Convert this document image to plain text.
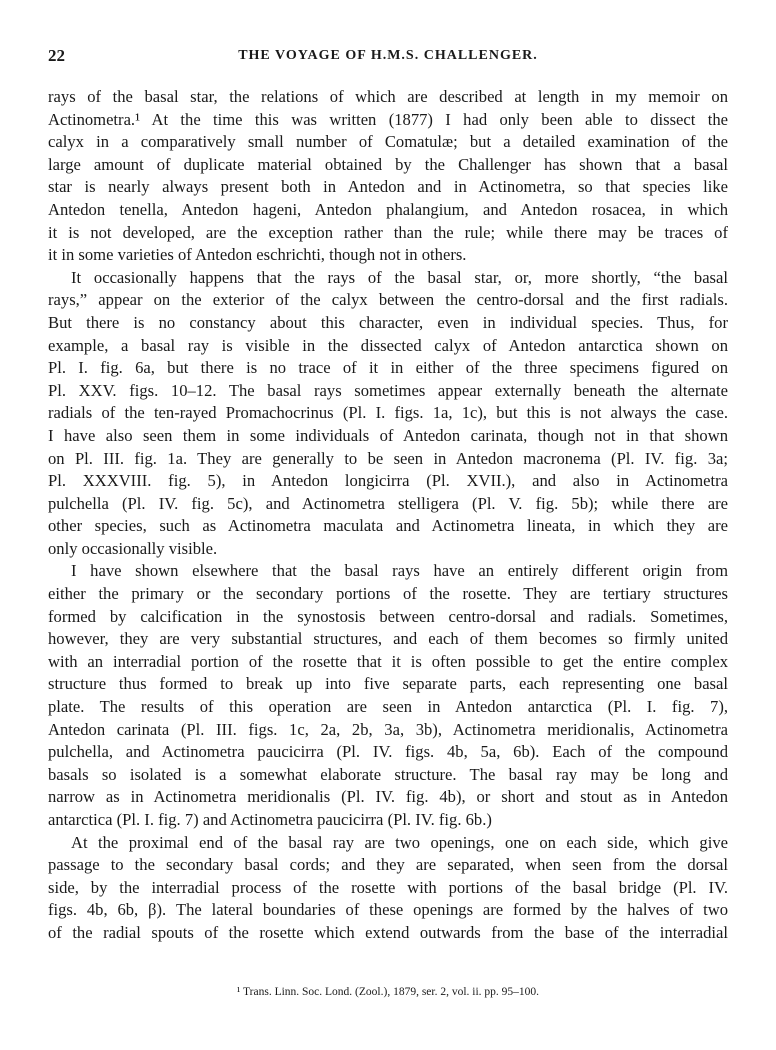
22	THE VOYAGE OF H.M.S. CHALLENGER.
rays of the basal star, the relations of which are described at length in my memoir on
Actinometra.¹ At the time this was written (1877) I had only been able to dissect the
calyx in a comparatively small number of Comatulæ; but a detailed examination of the
large amount of duplicate material obtained by the Challenger has shown that a basal
star is nearly always present both in Antedon and in Actinometra, so that species like
Antedon tenella, Antedon hageni, Antedon phalangium, and Antedon rosacea, in which
it is not developed, are the exception rather than the rule; while there may be traces of
it in some varieties of Antedon eschrichti, though not in others.
It occasionally happens that the rays of the basal star, or, more shortly, “the basal
rays,” appear on the exterior of the calyx between the centro-dorsal and the first radials.
But there is no constancy about this character, even in individual species. Thus, for
example, a basal ray is visible in the dissected calyx of Antedon antarctica shown on
Pl. I. fig. 6a, but there is no trace of it in either of the three specimens figured on
Pl. XXV. figs. 10–12. The basal rays sometimes appear externally beneath the alternate
radials of the ten-rayed Promachocrinus (Pl. I. figs. 1a, 1c), but this is not always the case.
I have also seen them in some individuals of Antedon carinata, though not in that shown
on Pl. III. fig. 1a. They are generally to be seen in Antedon macronema (Pl. IV. fig. 3a;
Pl. XXXVIII. fig. 5), in Antedon longicirra (Pl. XVII.), and also in Actinometra
pulchella (Pl. IV. fig. 5c), and Actinometra stelligera (Pl. V. fig. 5b); while there are
other species, such as Actinometra maculata and Actinometra lineata, in which they are
only occasionally visible.
I have shown elsewhere that the basal rays have an entirely different origin from
either the primary or the secondary portions of the rosette. They are tertiary structures
formed by calcification in the synostosis between centro-dorsal and radials. Sometimes,
however, they are very substantial structures, and each of them becomes so firmly united
with an interradial portion of the rosette that it is often possible to get the entire complex
structure thus formed to break up into five separate parts, each representing one basal
plate. The results of this operation are seen in Antedon antarctica (Pl. I. fig. 7),
Antedon carinata (Pl. III. figs. 1c, 2a, 2b, 3a, 3b), Actinometra meridionalis, Actinometra
pulchella, and Actinometra paucicirra (Pl. IV. figs. 4b, 5a, 6b). Each of the compound
basals so isolated is a somewhat elaborate structure. The basal ray may be long and
narrow as in Actinometra meridionalis (Pl. IV. fig. 4b), or short and stout as in Antedon
antarctica (Pl. I. fig. 7) and Actinometra paucicirra (Pl. IV. fig. 6b.)
At the proximal end of the basal ray are two openings, one on each side, which give
passage to the secondary basal cords; and they are separated, when seen from the dorsal
side, by the interradial process of the rosette with portions of the basal bridge (Pl. IV.
figs. 4b, 6b, β). The lateral boundaries of these openings are formed by the halves of two
of the radial spouts of the rosette which extend outwards from the base of the interradial
¹ Trans. Linn. Soc. Lond. (Zool.), 1879, ser. 2, vol. ii. pp. 95–100.
